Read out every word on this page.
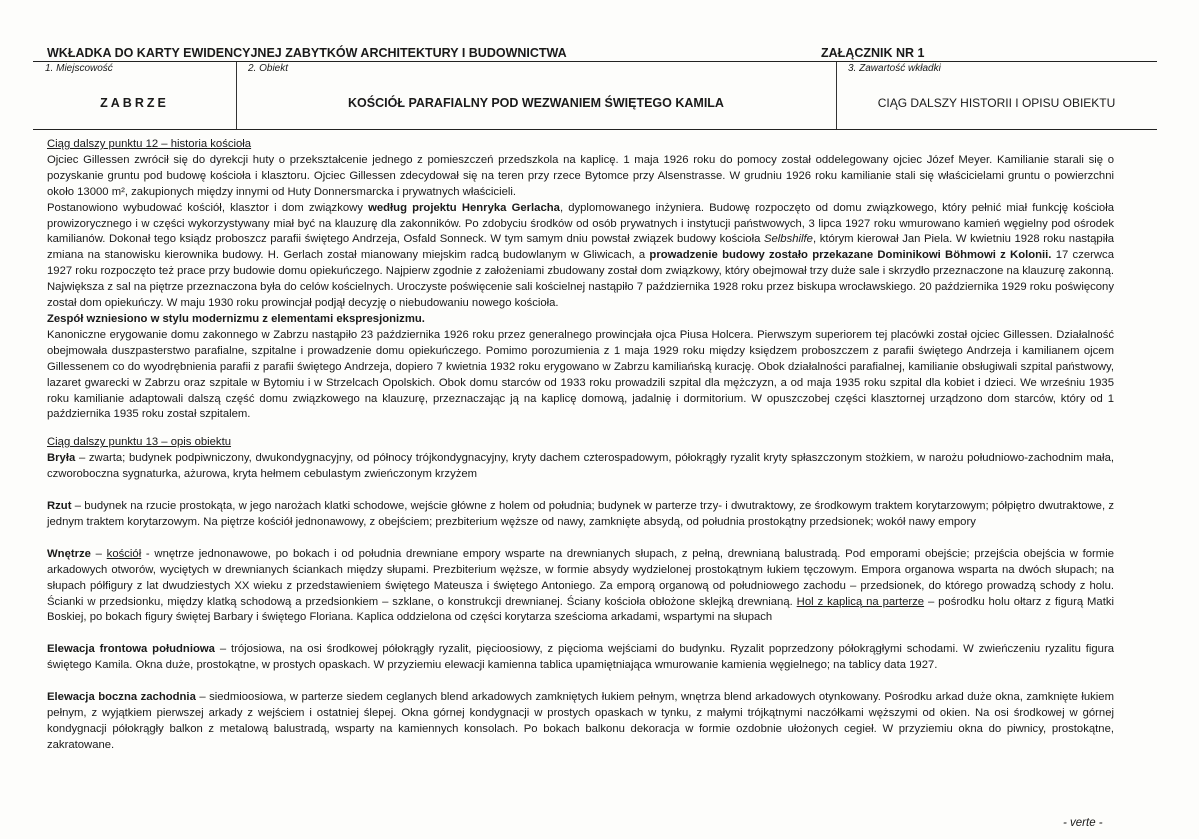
WKŁADKA DO KARTY EWIDENCYJNEJ ZABYTKÓW ARCHITEKTURY I BUDOWNICTWA	ZAŁĄCZNIK NR 1
1. Miejscowość
ZABRZE
2. Obiekt
KOŚCIÓŁ PARAFIALNY POD WEZWANIEM ŚWIĘTEGO KAMILA
3. Zawartość wkładki
CIĄG DALSZY HISTORII I OPISU OBIEKTU

Ciąg dalszy punktu 12 – historia kościoła

Ojciec Gillessen zwrócił się do dyrekcji huty o przekształcenie jednego z pomieszczeń przedszkola na kaplicę. 1 maja 1926 roku do pomocy został oddelegowany ojciec Józef Meyer. Kamilianie starali się o pozyskanie gruntu pod budowę kościoła i klasztoru. Ojciec Gillessen zdecydował się na teren przy rzece Bytomce przy Alsenstrasse. W grudniu 1926 roku kamilianie stali się właścicielami gruntu o powierzchni około 13000 m², zakupionych między innymi od Huty Donnersmarcka i prywatnych właścicieli.

Postanowiono wybudować kościół, klasztor i dom związkowy według projektu Henryka Gerlacha, dyplomowanego inżyniera. Budowę rozpoczęto od domu związkowego, który pełnić miał funkcję kościoła prowizorycznego i w części wykorzystywany miał być na klauzurę dla zakonników. Po zdobyciu środków od osób prywatnych i instytucji państwowych, 3 lipca 1927 roku wmurowano kamień węgielny pod ośrodek kamilianów. Dokonał tego ksiądz proboszcz parafii świętego Andrzeja, Osfald Sonneck. W tym samym dniu powstał związek budowy kościoła Selbshilfe, którym kierował Jan Piela. W kwietniu 1928 roku nastąpiła zmiana na stanowisku kierownika budowy. H. Gerlach został mianowany miejskim radcą budowlanym w Gliwicach, a prowadzenie budowy zostało przekazane Dominikowi Böhmowi z Kolonii. 17 czerwca 1927 roku rozpoczęto też prace przy budowie domu opiekuńczego. Najpierw zgodnie z założeniami zbudowany został dom związkowy, który obejmował trzy duże sale i skrzydło przeznaczone na klauzurę zakonną. Największa z sal na piętrze przeznaczona była do celów kościelnych. Uroczyste poświęcenie sali kościelnej nastąpiło 7 października 1928 roku przez biskupa wrocławskiego. 20 października 1929 roku poświęcony został dom opiekuńczy. W maju 1930 roku prowincjał podjął decyzję o niebudowaniu nowego kościoła.

Zespół wzniesiono w stylu modernizmu z elementami ekspresjonizmu.

Kanoniczne erygowanie domu zakonnego w Zabrzu nastąpiło 23 października 1926 roku przez generalnego prowincjała ojca Piusa Holcera. Pierwszym superiorem tej placówki został ojciec Gillessen. Działalność obejmowała duszpasterstwo parafialne, szpitalne i prowadzenie domu opiekuńczego. Pomimo porozumienia z 1 maja 1929 roku między księdzem proboszczem z parafii świętego Andrzeja i kamilianem ojcem Gillessenem co do wyodrębnienia parafii z parafii świętego Andrzeja, dopiero 7 kwietnia 1932 roku erygowano w Zabrzu kamiliańską kurację. Obok działalności parafialnej, kamilianie obsługiwali szpital państwowy, lazaret gwarecki w Zabrzu oraz szpitale w Bytomiu i w Strzelcach Opolskich. Obok domu starców od 1933 roku prowadzili szpital dla mężczyzn, a od maja 1935 roku szpital dla kobiet i dzieci. We wrześniu 1935 roku kamilianie adaptowali dalszą część domu związkowego na klauzurę, przeznaczając ją na kaplicę domową, jadalnię i dormitorium. W opuszczobej części klasztornej urządzono dom starców, który od 1 października 1935 roku został szpitalem.

Ciąg dalszy punktu 13 – opis obiektu

Bryła – zwarta; budynek podpiwniczony, dwukondygnacyjny, od północy trójkondygnacyjny, kryty dachem czterospadowym, półokrągły ryzalit kryty spłaszczonym stożkiem, w narożu południowo-zachodnim mała, czworoboczna sygnaturka, ażurowa, kryta hełmem cebulastym zwieńczonym krzyżem

Rzut – budynek na rzucie prostokąta, w jego narożach klatki schodowe, wejście główne z holem od południa; budynek w parterze trzy- i dwutraktowy, ze środkowym traktem korytarzowym; półpiętro dwutraktowe, z jednym traktem korytarzowym. Na piętrze kościół jednonawowy, z obejściem; prezbiterium węższe od nawy, zamknięte absydą, od południa prostokątny przedsionek; wokół nawy empory

Wnętrze – kościół - wnętrze jednonawowe, po bokach i od południa drewniane empory wsparte na drewnianych słupach, z pełną, drewnianą balustradą. Pod emporami obejście; przejścia obejścia w formie arkadowych otworów, wyciętych w drewnianych ściankach między słupami. Prezbiterium węższe, w formie absydy wydzielonej prostokątnym łukiem tęczowym. Empora organowa wsparta na dwóch słupach; na słupach półfigury z lat dwudziestych XX wieku z przedstawieniem świętego Mateusza i świętego Antoniego. Za emporą organową od południowego zachodu – przedsionek, do którego prowadzą schody z holu. Ścianki w przedsionku, między klatką schodową a przedsionkiem – szklane, o konstrukcji drewnianej. Ściany kościoła obłożone sklejką drewnianą. Hol z kaplicą na parterze – pośrodku holu ołtarz z figurą Matki Boskiej, po bokach figury świętej Barbary i świętego Floriana. Kaplica oddzielona od części korytarza sześcioma arkadami, wspartymi na słupach

Elewacja frontowa południowa – trójosiowa, na osi środkowej półokrągły ryzalit, pięcioosiowy, z pięcioma wejściami do budynku. Ryzalit poprzedzony półokrągłymi schodami. W zwieńczeniu ryzalitu figura świętego Kamila. Okna duże, prostokątne, w prostych opaskach. W przyziemiu elewacji kamienna tablica upamiętniająca wmurowanie kamienia węgielnego; na tablicy data 1927.

Elewacja boczna zachodnia – siedmioosiowa, w parterze siedem ceglanych blend arkadowych zamkniętych łukiem pełnym, wnętrza blend arkadowych otynkowany. Pośrodku arkad duże okna, zamknięte łukiem pełnym, z wyjątkiem pierwszej arkady z wejściem i ostatniej ślepej. Okna górnej kondygnacji w prostych opaskach w tynku, z małymi trójkątnymi naczółkami węższymi od okien. Na osi środkowej w górnej kondygnacji półokrągły balkon z metalową balustradą, wsparty na kamiennych konsolach. Po bokach balkonu dekoracja w formie ozdobnie ułożonych cegieł. W przyziemiu okna do piwnicy, prostokątne, zakratowane.

- verte -
